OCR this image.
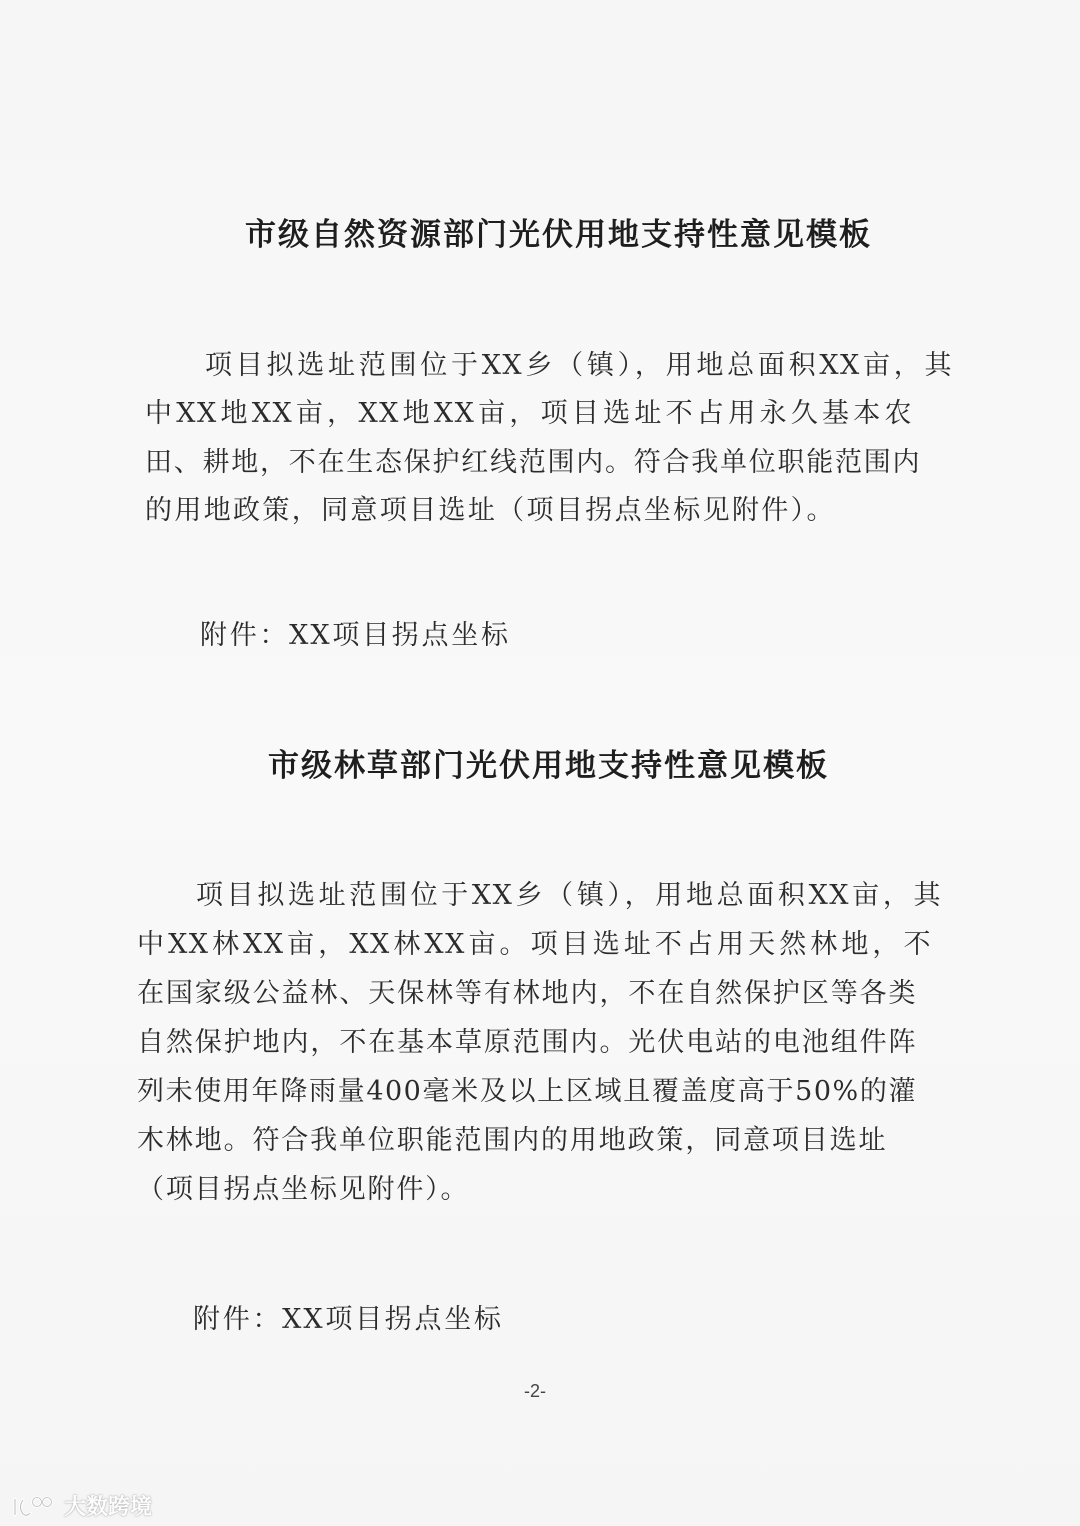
市级自然资源部门光伏用地支持性意见模板
项目拟选址范围位于XX乡（镇），用地总面积XX亩，其
中XX地XX亩，XX地XX亩，项目选址不占用永久基本农
田、耕地，不在生态保护红线范围内。符合我单位职能范围内
的用地政策，同意项目选址（项目拐点坐标见附件）。
附件：XX项目拐点坐标
市级林草部门光伏用地支持性意见模板
项目拟选址范围位于XX乡（镇），用地总面积XX亩，其
中XX林XX亩，XX林XX亩。项目选址不占用天然林地，不
在国家级公益林、天保林等有林地内，不在自然保护区等各类
自然保护地内，不在基本草原范围内。光伏电站的电池组件阵
列未使用年降雨量400毫米及以上区域且覆盖度高于50%的灌
木林地。符合我单位职能范围内的用地政策，同意项目选址
（项目拐点坐标见附件）。
附件：XX项目拐点坐标
-2-
大数跨境
